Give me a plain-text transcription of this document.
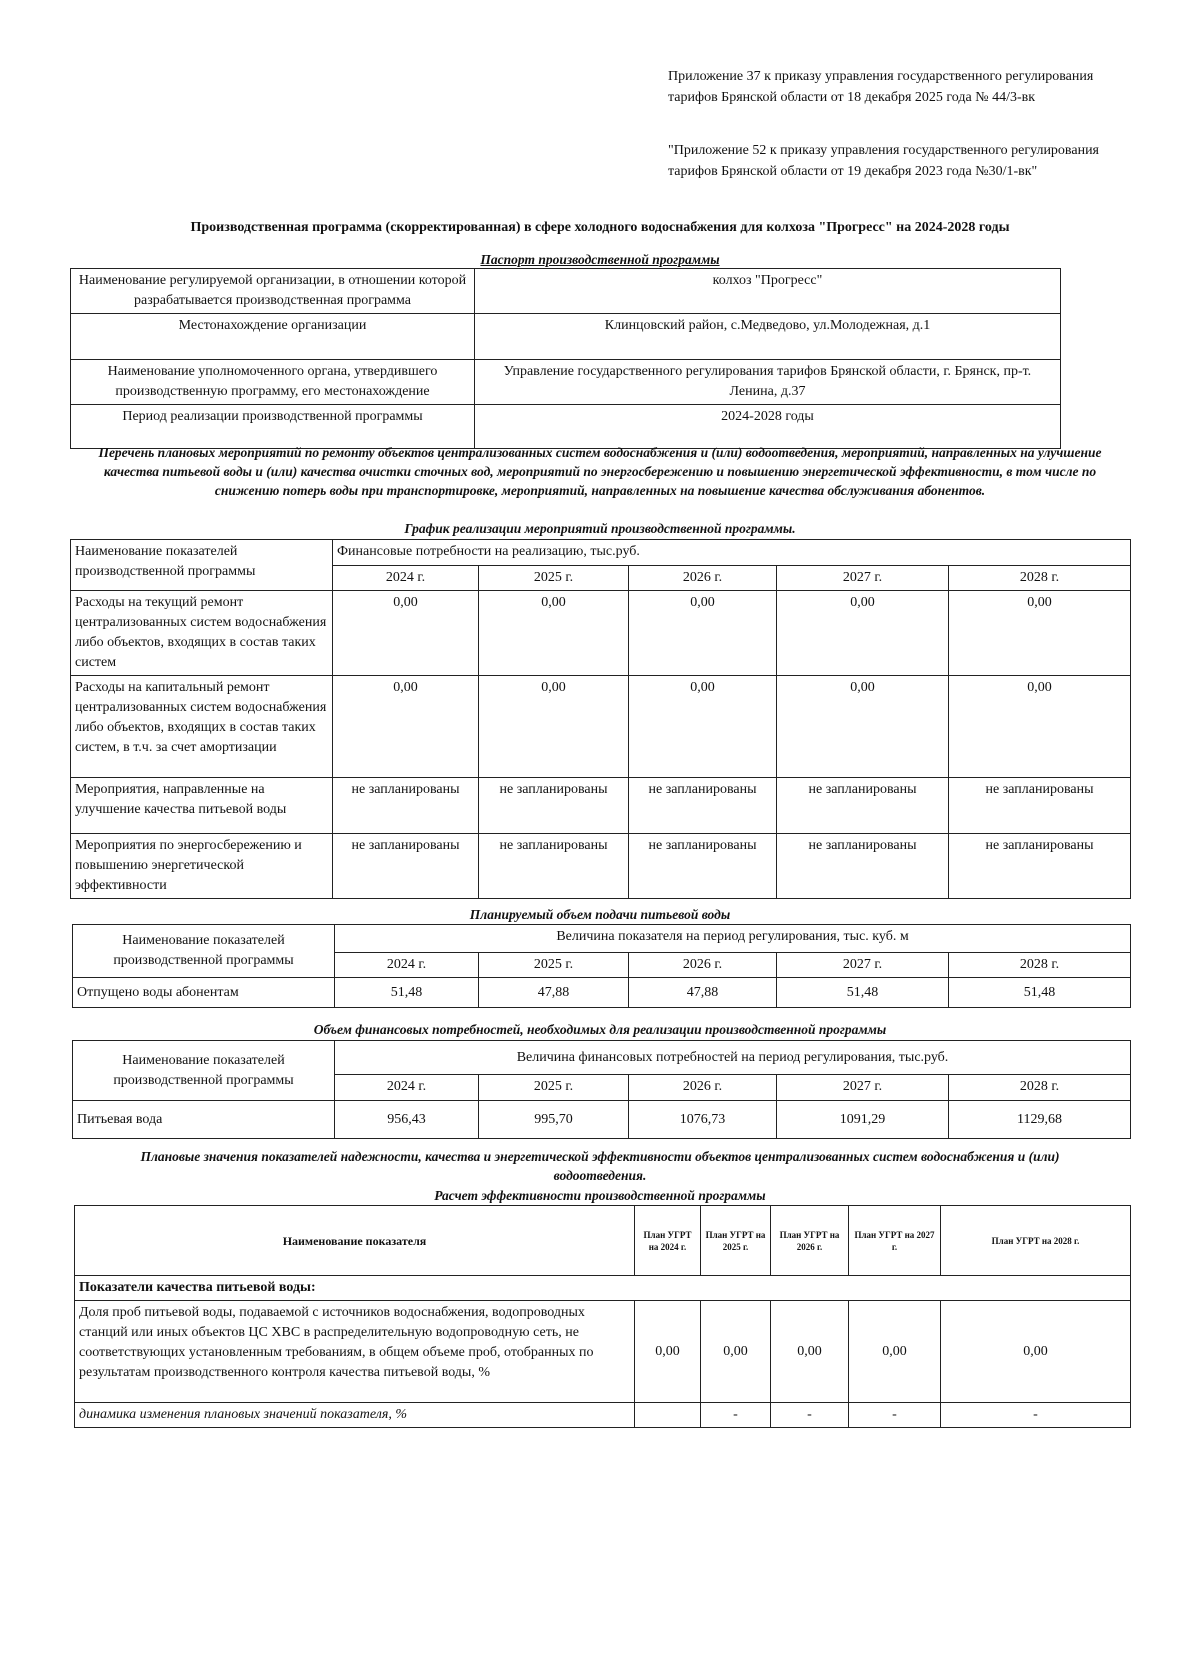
Приложение 37 к приказу управления государственного регулирования тарифов Брянской области от 18 декабря 2025 года № 44/3-вк
"Приложение 52 к приказу управления государственного регулирования тарифов Брянской области от 19 декабря 2023 года №30/1-вк"
Производственная программа (скорректированная) в сфере холодного водоснабжения для колхоза "Прогресс" на 2024-2028 годы
Паспорт производственной программы
Наименование регулируемой организации, в отношении которой разрабатывается производственная программа	колхоз "Прогресс"
Местонахождение организации	Клинцовский район, с.Медведово, ул.Молодежная, д.1
Наименование уполномоченного органа, утвердившего производственную программу, его местонахождение	Управление государственного регулирования тарифов Брянской области, г. Брянск, пр-т. Ленина, д.37
Период реализации производственной программы	2024-2028 годы
Перечень плановых мероприятий по ремонту объектов централизованных систем водоснабжения и (или) водоотведения, мероприятий, направленных на улучшение качества питьевой воды и (или) качества очистки сточных вод, мероприятий по энергосбережению и повышению энергетической эффективности, в том числе по снижению потерь воды при транспортировке, мероприятий, направленных на повышение качества обслуживания абонентов.
График реализации мероприятий производственной программы.
Наименование показателей производственной программы	Финансовые потребности на реализацию, тыс.руб.				
	2024 г.	2025 г.	2026 г.	2027 г.	2028 г.
Расходы на текущий ремонт централизованных систем водоснабжения либо объектов, входящих в состав таких систем	0,00	0,00	0,00	0,00	0,00
Расходы на капитальный ремонт централизованных систем водоснабжения либо объектов, входящих в состав таких систем, в т.ч. за счет амортизации	0,00	0,00	0,00	0,00	0,00
Мероприятия, направленные на улучшение качества питьевой воды	не запланированы	не запланированы	не запланированы	не запланированы	не запланированы
Мероприятия по энергосбережению и повышению энергетической эффективности	не запланированы	не запланированы	не запланированы	не запланированы	не запланированы
Планируемый объем подачи питьевой воды
Наименование показателей производственной программы	Величина показателя на период регулирования, тыс. куб. м				
	2024 г.	2025 г.	2026 г.	2027 г.	2028 г.
Отпущено воды абонентам	51,48	47,88	47,88	51,48	51,48
Объем финансовых потребностей, необходимых для реализации производственной программы
Наименование показателей производственной программы	Величина финансовых потребностей на период регулирования, тыс.руб.				
	2024 г.	2025 г.	2026 г.	2027 г.	2028 г.
Питьевая вода	956,43	995,70	1076,73	1091,29	1129,68
Плановые значения показателей надежности, качества и энергетической эффективности объектов централизованных систем водоснабжения и (или) водоотведения.
Расчет эффективности производственной программы
Наименование показателя	План УГРТ на 2024 г.	План УГРТ на 2025 г.	План УГРТ на 2026 г.	План УГРТ на 2027 г.	План УГРТ на 2028 г.
Показатели качества питьевой воды:					
Доля проб питьевой воды, подаваемой с источников водоснабжения, водопроводных станций или иных объектов ЦС ХВС в распределительную водопроводную сеть, не соответствующих установленным требованиям, в общем объеме проб, отобранных по результатам производственного контроля качества питьевой воды, %	0,00	0,00	0,00	0,00	0,00
динамика изменения плановых значений показателя, %		-	-	-	-
